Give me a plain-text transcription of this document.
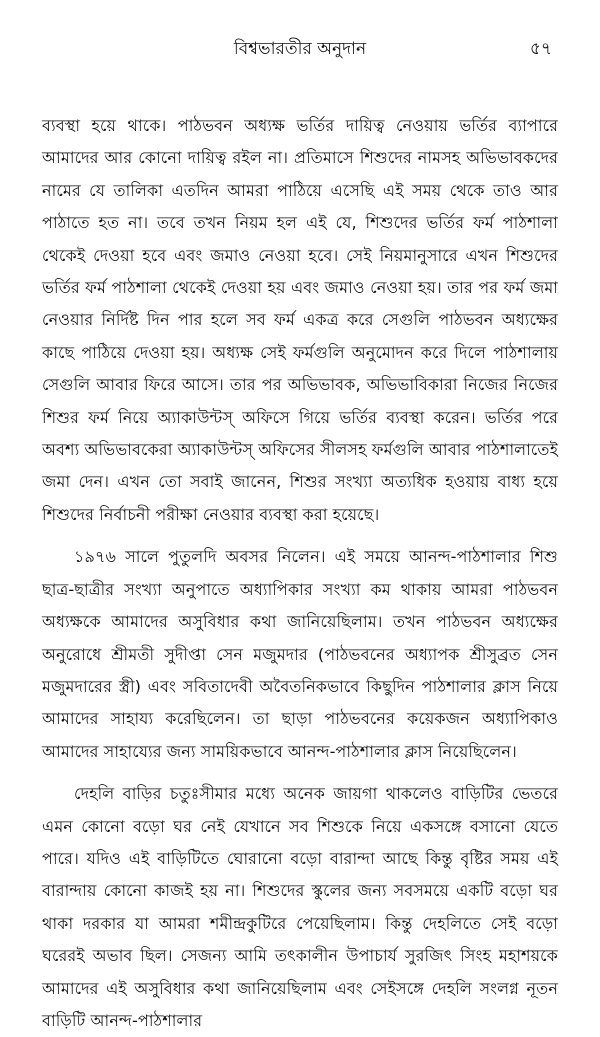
বিশ্বভারতীর অনুদান	৫৭

ব্যবস্থা হয়ে থাকে। পাঠভবন অধ্যক্ষ ভর্তির দায়িত্ব নেওয়ায় ভর্তির ব্যাপারে আমাদের আর কোনো দায়িত্ব রইল না। প্রতিমাসে শিশুদের নামসহ অভিভাবকদের নামের যে তালিকা এতদিন আমরা পাঠিয়ে এসেছি এই সময় থেকে তাও আর পাঠাতে হত না। তবে তখন নিয়ম হল এই যে, শিশুদের ভর্তির ফর্ম পাঠশালা থেকেই দেওয়া হবে এবং জমাও নেওয়া হবে। সেই নিয়মানুসারে এখন শিশুদের ভর্তির ফর্ম পাঠশালা থেকেই দেওয়া হয় এবং জমাও নেওয়া হয়। তার পর ফর্ম জমা নেওয়ার নির্দিষ্ট দিন পার হলে সব ফর্ম একত্র করে সেগুলি পাঠভবন অধ্যক্ষের কাছে পাঠিয়ে দেওয়া হয়। অধ্যক্ষ সেই ফর্মগুলি অনুমোদন করে দিলে পাঠশালায় সেগুলি আবার ফিরে আসে। তার পর অভিভাবক, অভিভাবিকারা নিজের নিজের শিশুর ফর্ম নিয়ে অ্যাকাউন্টস্‌ অফিসে গিয়ে ভর্তির ব্যবস্থা করেন। ভর্তির পরে অবশ্য অভিভাবকেরা অ্যাকাউন্টস্‌ অফিসের সীলসহ ফর্মগুলি আবার পাঠশালাতেই জমা দেন। এখন তো সবাই জানেন, শিশুর সংখ্যা অত্যধিক হওয়ায় বাধ্য হয়ে শিশুদের নির্বাচনী পরীক্ষা নেওয়ার ব্যবস্থা করা হয়েছে।

১৯৭৬ সালে পুতুলদি অবসর নিলেন। এই সময়ে আনন্দ-পাঠশালার শিশু ছাত্র-ছাত্রীর সংখ্যা অনুপাতে অধ্যাপিকার সংখ্যা কম থাকায় আমরা পাঠভবন অধ্যক্ষকে আমাদের অসুবিধার কথা জানিয়েছিলাম। তখন পাঠভবন অধ্যক্ষের অনুরোধে শ্রীমতী সুদীপ্তা সেন মজুমদার (পাঠভবনের অধ্যাপক শ্রীসুব্রত সেন মজুমদারের স্ত্রী) এবং সবিতাদেবী অবৈতনিকভাবে কিছুদিন পাঠশালার ক্লাস নিয়ে আমাদের সাহায্য করেছিলেন। তা ছাড়া পাঠভবনের কয়েকজন অধ্যাপিকাও আমাদের সাহায্যের জন্য সাময়িকভাবে আনন্দ-পাঠশালার ক্লাস নিয়েছিলেন।

দেহলি বাড়ির চতুঃসীমার মধ্যে অনেক জায়গা থাকলেও বাড়িটির ভেতরে এমন কোনো বড়ো ঘর নেই যেখানে সব শিশুকে নিয়ে একসঙ্গে বসানো যেতে পারে। যদিও এই বাড়িটিতে ঘোরানো বড়ো বারান্দা আছে কিন্তু বৃষ্টির সময় এই বারান্দায় কোনো কাজই হয় না। শিশুদের স্কুলের জন্য সবসময়ে একটি বড়ো ঘর থাকা দরকার যা আমরা শমীন্দ্রকুটিরে পেয়েছিলাম। কিন্তু দেহলিতে সেই বড়ো ঘরেরই অভাব ছিল। সেজন্য আমি তৎকালীন উপাচার্য সুরজিৎ সিংহ মহাশয়কে আমাদের এই অসুবিধার কথা জানিয়েছিলাম এবং সেইসঙ্গে দেহলি সংলগ্ন নূতন বাড়িটি আনন্দ-পাঠশালার
